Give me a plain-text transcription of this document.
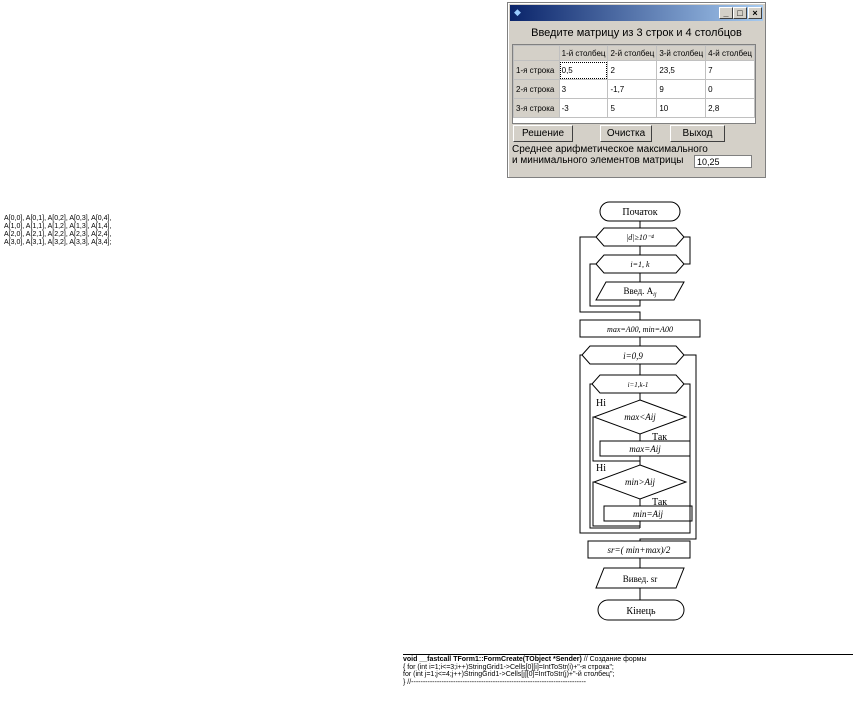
◆	_ □	×
Введите матрицу из 3 строк и 4 столбцов
	1-й столбец	2-й столбец	3-й столбец	4-й столбец
1-я строка	0,5	2	23,5	7
2-я строка	3	-1,7	9	0
3-я строка	-3	5	10	2,8
Решение	Очистка	Выход
Среднее арифметическое максимального
и минимального элементов матрицы	10,25
A[0,0], A[0,1], A[0,2], A[0,3], A[0,4],
A[1,0], A[1,1], A[1,2], A[1,3], A[1,4],
A[2,0], A[2,1], A[2,2], A[2,3], A[2,4],
A[3,0], A[3,1], A[3,2], A[3,3], A[3,4];
Початок
|d|≥10⁻⁴
i=1, k
Введ. $A_{ij}$
max=A00, min=A00
i=0,9
i=1,k-1
max<Aij
max=Aij
min>Aij
min=Aij
sr=( min+max)/2
Вивед. sr
Кінець
Ні
Так
Ні
Так
void __fastcall TForm1::FormCreate(TObject *Sender) // Создание формы
{ for (int i=1;i<=3;i++)StringGrid1->Cells[0][i]=IntToStr(i)+"-я строка";
for (int j=1;j<=4;j++)StringGrid1->Cells[j][0]=IntToStr(j)+"-й столбец";
} //---------------------------------------------------------------------------
